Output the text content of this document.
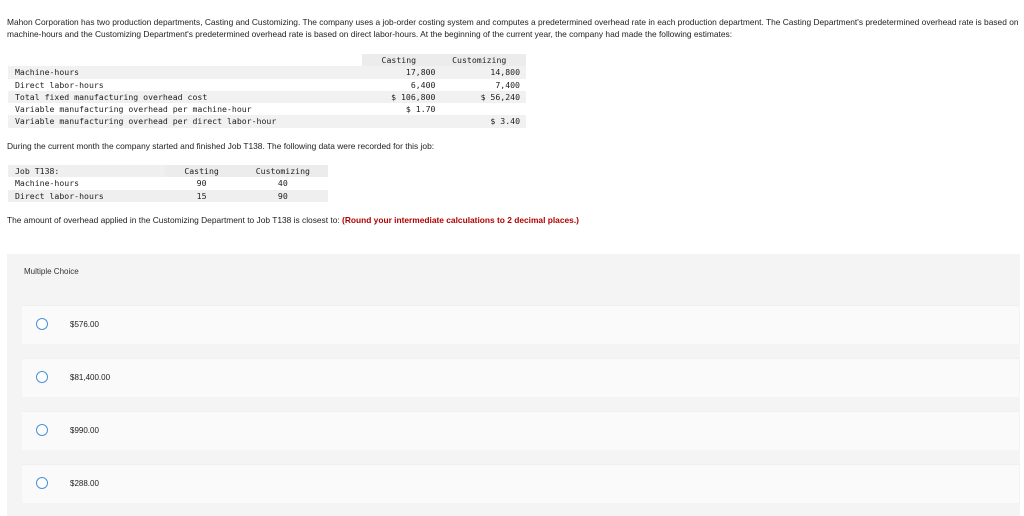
Mahon Corporation has two production departments, Casting and Customizing. The company uses a job-order costing system and computes a predetermined overhead rate in each production department. The Casting Department's predetermined overhead rate is based on machine-hours and the Customizing Department's predetermined overhead rate is based on direct labor-hours. At the beginning of the current year, the company had made the following estimates:
	Casting	Customizing
Machine-hours	17,800	14,800
Direct labor-hours	6,400	7,400
Total fixed manufacturing overhead cost	$ 106,800	$ 56,240
Variable manufacturing overhead per machine-hour	$ 1.70	
Variable manufacturing overhead per direct labor-hour		$ 3.40
During the current month the company started and finished Job T138. The following data were recorded for this job:
Job T138:	Casting	Customizing
Machine-hours	90	40
Direct labor-hours	15	90
The amount of overhead applied in the Customizing Department to Job T138 is closest to: (Round your intermediate calculations to 2 decimal places.)
Multiple Choice
$576.00
$81,400.00
$990.00
$288.00
